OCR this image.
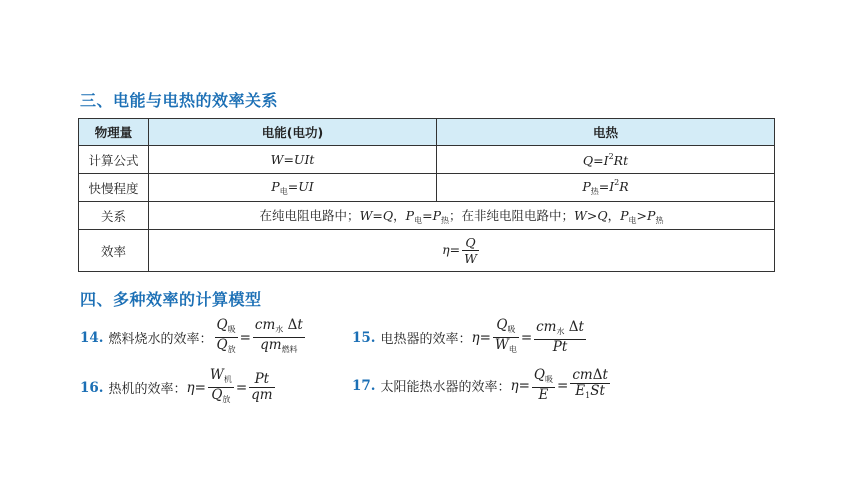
三、电能与电热的效率关系
物理量	电能(电功)	电热
计算公式	W=UIt	$Q=I^2Rt$
快慢程度	$P_电=UI$	$P_热=I^2R$
关系	在纯电阻电路中；W=Q，$P_电=P_热$；在非纯电阻电路中；W>Q，$P_电>P_热$
效率	$\eta= \frac{Q}{W}$
四、多种效率的计算模型
14. 燃料烧水的效率： $\frac{Q_吸}{Q_放} = \frac{cm_水 \Delta t}{qm_{燃料}}$	15. 电热器的效率： $\eta = \frac{Q_吸}{W_电} = \frac{cm_水 \Delta t}{Pt}$
16. 热机的效率： $\eta = \frac{W_机}{Q_放} = \frac{Pt}{qm}$	17. 太阳能热水器的效率： $\eta = \frac{Q_吸}{E} = \frac{\text{cmΔt}}{E_1St}$
